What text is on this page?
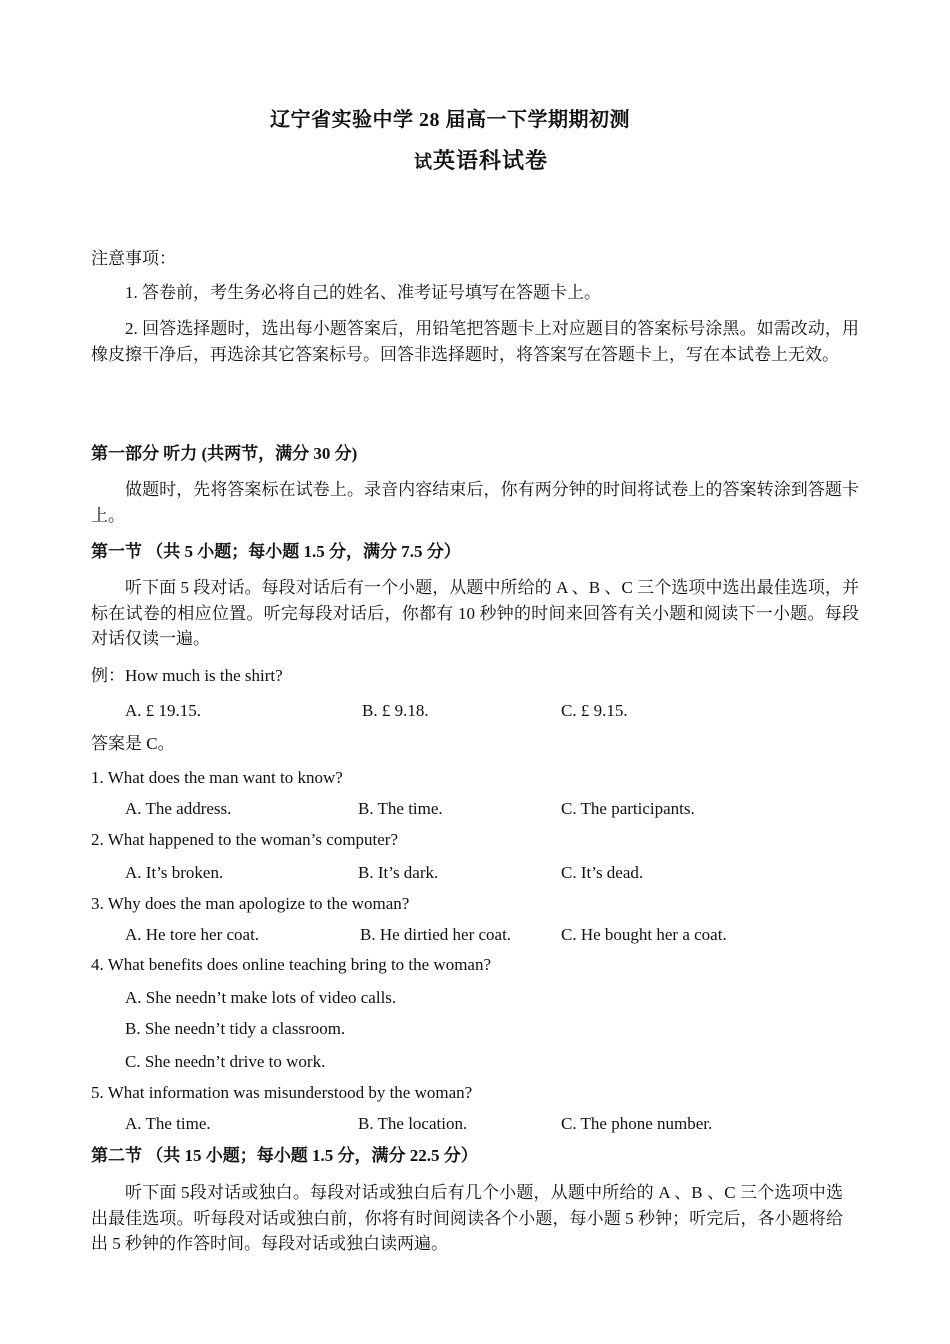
辽宁省实验中学 28 届高一下学期期初测
试英语科试卷
注意事项：
1. 答卷前，考生务必将自己的姓名、准考证号填写在答题卡上。
2. 回答选择题时，选出每小题答案后，用铅笔把答题卡上对应题目的答案标号涂黑。如需改动，用橡皮擦干净后，再选涂其它答案标号。回答非选择题时，将答案写在答题卡上，写在本试卷上无效。
第一部分 听力 (共两节，满分 30 分)
做题时，先将答案标在试卷上。录音内容结束后，你有两分钟的时间将试卷上的答案转涂到答题卡上。
第一节 （共 5 小题；每小题 1.5 分，满分 7.5 分）
听下面 5 段对话。每段对话后有一个小题，从题中所给的 A 、B 、C 三个选项中选出最佳选项，并标在试卷的相应位置。听完每段对话后，你都有 10 秒钟的时间来回答有关小题和阅读下一小题。每段对话仅读一遍。
例：How much is the shirt?
A. £ 19.15.	B. £ 9.18.	C. £ 9.15.
答案是 C。
1. What does the man want to know?
A. The address.	B. The time.	C. The participants.
2. What happened to the woman’s computer?
A. It’s broken.	B. It’s dark.	C. It’s dead.
3. Why does the man apologize to the woman?
A. He tore her coat.	B. He dirtied her coat.	C. He bought her a coat.
4. What benefits does online teaching bring to the woman?
A. She needn’t make lots of video calls.
B. She needn’t tidy a classroom.
C. She needn’t drive to work.
5. What information was misunderstood by the woman?
A. The time.	B. The location.	C. The phone number.
第二节 （共 15 小题；每小题 1.5 分，满分 22.5 分）
听下面 5段对话或独白。每段对话或独白后有几个小题，从题中所给的 A 、B 、C 三个选项中选出最佳选项。听每段对话或独白前，你将有时间阅读各个小题，每小题 5 秒钟；听完后，各小题将给出 5 秒钟的作答时间。每段对话或独白读两遍。
